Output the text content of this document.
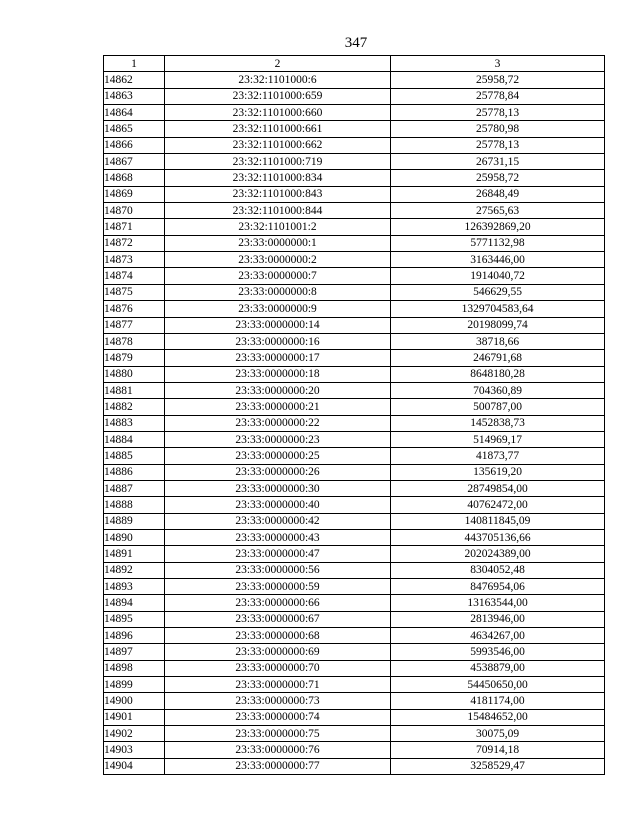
347
1	2	3
14862	23:32:1101000:6	25958,72
14863	23:32:1101000:659	25778,84
14864	23:32:1101000:660	25778,13
14865	23:32:1101000:661	25780,98
14866	23:32:1101000:662	25778,13
14867	23:32:1101000:719	26731,15
14868	23:32:1101000:834	25958,72
14869	23:32:1101000:843	26848,49
14870	23:32:1101000:844	27565,63
14871	23:32:1101001:2	126392869,20
14872	23:33:0000000:1	5771132,98
14873	23:33:0000000:2	3163446,00
14874	23:33:0000000:7	1914040,72
14875	23:33:0000000:8	546629,55
14876	23:33:0000000:9	1329704583,64
14877	23:33:0000000:14	20198099,74
14878	23:33:0000000:16	38718,66
14879	23:33:0000000:17	246791,68
14880	23:33:0000000:18	8648180,28
14881	23:33:0000000:20	704360,89
14882	23:33:0000000:21	500787,00
14883	23:33:0000000:22	1452838,73
14884	23:33:0000000:23	514969,17
14885	23:33:0000000:25	41873,77
14886	23:33:0000000:26	135619,20
14887	23:33:0000000:30	28749854,00
14888	23:33:0000000:40	40762472,00
14889	23:33:0000000:42	140811845,09
14890	23:33:0000000:43	443705136,66
14891	23:33:0000000:47	202024389,00
14892	23:33:0000000:56	8304052,48
14893	23:33:0000000:59	8476954,06
14894	23:33:0000000:66	13163544,00
14895	23:33:0000000:67	2813946,00
14896	23:33:0000000:68	4634267,00
14897	23:33:0000000:69	5993546,00
14898	23:33:0000000:70	4538879,00
14899	23:33:0000000:71	54450650,00
14900	23:33:0000000:73	4181174,00
14901	23:33:0000000:74	15484652,00
14902	23:33:0000000:75	30075,09
14903	23:33:0000000:76	70914,18
14904	23:33:0000000:77	3258529,47
